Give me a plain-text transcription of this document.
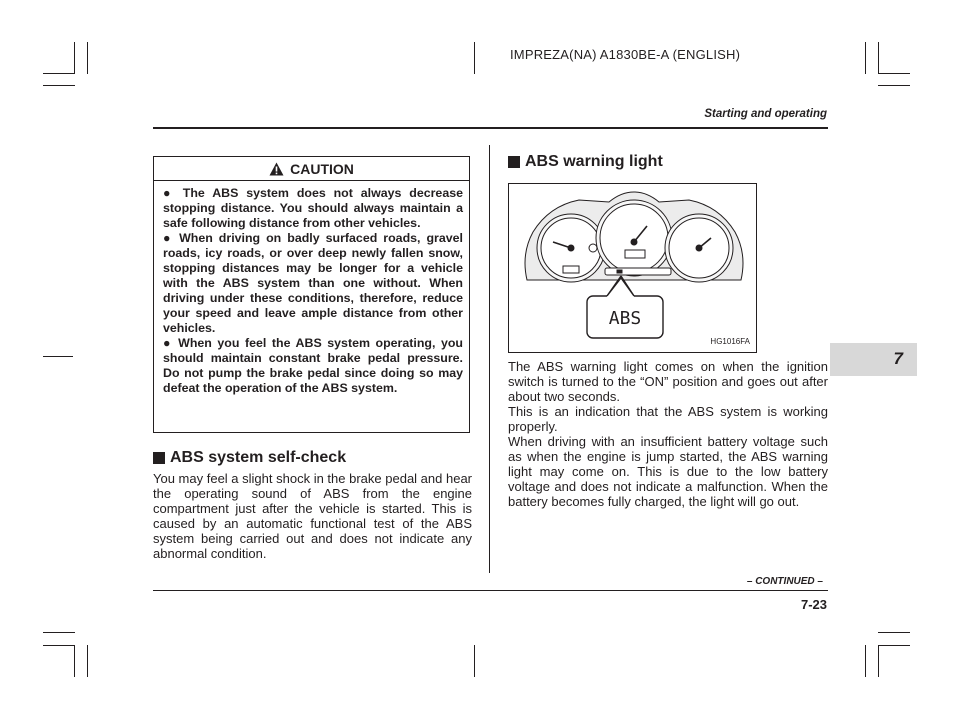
IMPREZA(NA) A1830BE-A (ENGLISH)
Starting and operating
CAUTION

● The ABS system does not always decrease stopping distance. You should always maintain a safe following distance from other vehicles.

● When driving on badly surfaced roads, gravel roads, icy roads, or over deep newly fallen snow, stopping distances may be longer for a vehicle with the ABS system than one without. When driving under these conditions, therefore, reduce your speed and leave ample distance from other vehicles.

● When you feel the ABS system operating, you should maintain constant brake pedal pressure. Do not pump the brake pedal since doing so may defeat the operation of the ABS system.

ABS system self-check

You may feel a slight shock in the brake pedal and hear the operating sound of ABS from the engine compartment just after the vehicle is started. This is caused by an automatic functional test of the ABS system being carried out and does not indicate any abnormal condition.

ABS warning light
ABS
HG1016FA

The ABS warning light comes on when the ignition switch is turned to the “ON” position and goes out after about two seconds.

This is an indication that the ABS system is working properly.

When driving with an insufficient battery voltage such as when the engine is jump started, the ABS warning light may come on. This is due to the low battery voltage and does not indicate a malfunction. When the battery becomes fully charged, the light will go out.

7
– CONTINUED –
7-23
